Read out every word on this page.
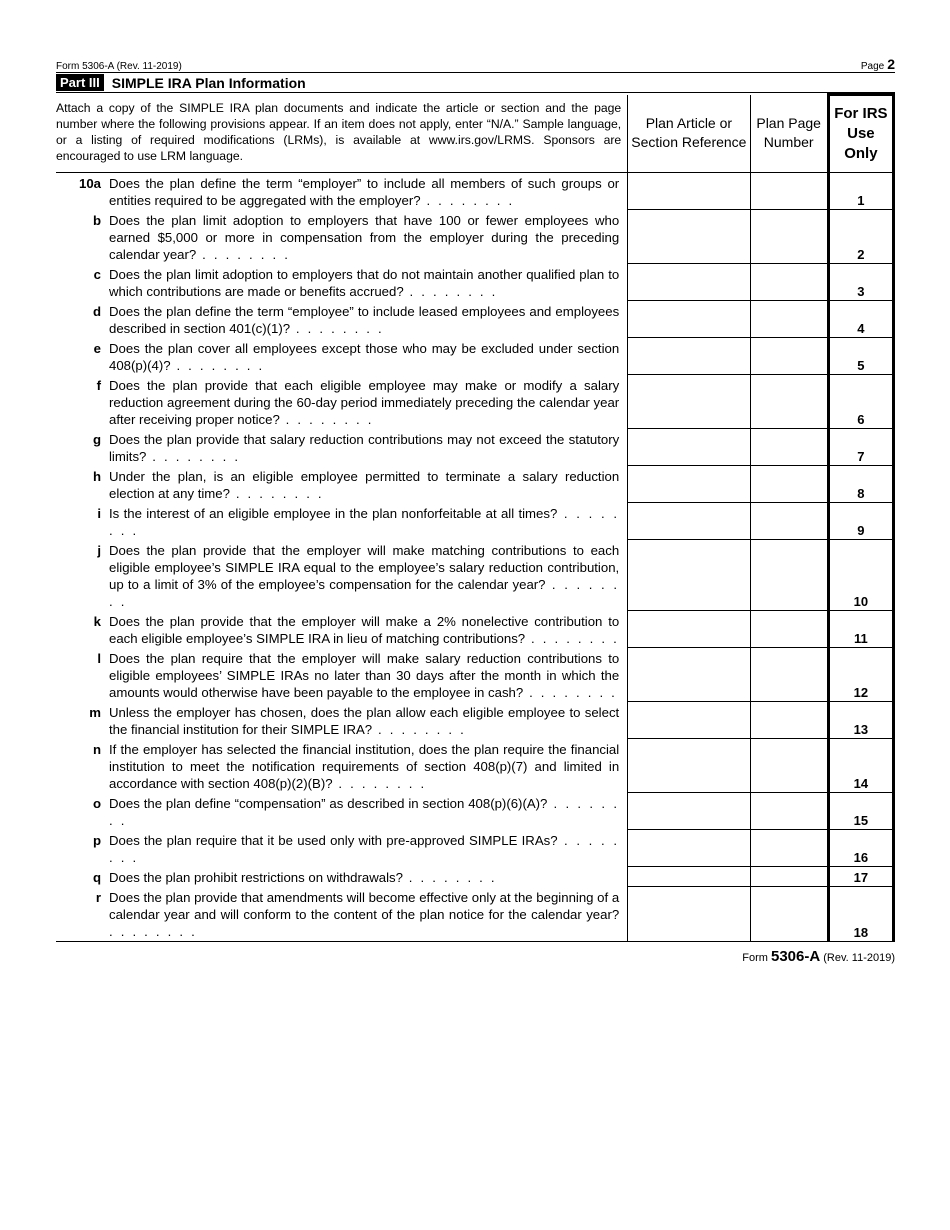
Form 5306-A (Rev. 11-2019)	Page 2
Part III SIMPLE IRA Plan Information
Attach a copy of the SIMPLE IRA plan documents and indicate the article or section and the page number where the following provisions appear. If an item does not apply, enter “N/A.” Sample language, or a listing of required modifications (LRMs), is available at www.irs.gov/LRMS. Sponsors are encouraged to use LRM language.	Plan Article or Section Reference	Plan Page Number	For IRS Use Only

10a Does the plan define the term “employer” to include all members of such groups or entities required to be aggregated with the employer? . . . . . . . .			1

b Does the plan limit adoption to employers that have 100 or fewer employees who earned $5,000 or more in compensation from the employer during the preceding calendar year? . . . . . . . .			2

c Does the plan limit adoption to employers that do not maintain another qualified plan to which contributions are made or benefits accrued? . . . . . . . .			3

d Does the plan define the term “employee” to include leased employees and employees described in section 401(c)(1)? . . . . . . . .			4

e Does the plan cover all employees except those who may be excluded under section 408(p)(4)? . . . . . . . .			5

f Does the plan provide that each eligible employee may make or modify a salary reduction agreement during the 60-day period immediately preceding the calendar year after receiving proper notice? . . . . . . . .			6

g Does the plan provide that salary reduction contributions may not exceed the statutory limits? . . . . . . . .			7

h Under the plan, is an eligible employee permitted to terminate a salary reduction election at any time? . . . . . . . .			8

i Is the interest of an eligible employee in the plan nonforfeitable at all times? . . . . . . . .			9

j Does the plan provide that the employer will make matching contributions to each eligible employee’s SIMPLE IRA equal to the employee’s salary reduction contribution, up to a limit of 3% of the employee’s compensation for the calendar year? . . . . . . . .			10

k Does the plan provide that the employer will make a 2% nonelective contribution to each eligible employee’s SIMPLE IRA in lieu of matching contributions? . . . . . . . .			11

l Does the plan require that the employer will make salary reduction contributions to eligible employees’ SIMPLE IRAs no later than 30 days after the month in which the amounts would otherwise have been payable to the employee in cash? . . . . . . . .			12

m Unless the employer has chosen, does the plan allow each eligible employee to select the financial institution for their SIMPLE IRA? . . . . . . . .			13

n If the employer has selected the financial institution, does the plan require the financial institution to meet the notification requirements of section 408(p)(7) and limited in accordance with section 408(p)(2)(B)? . . . . . . . .			14

o Does the plan define “compensation” as described in section 408(p)(6)(A)? . . . . . . . .			15

p Does the plan require that it be used only with pre-approved SIMPLE IRAs? . . . . . . . .			16

q Does the plan prohibit restrictions on withdrawals? . . . . . . . .			17

r Does the plan provide that amendments will become effective only at the beginning of a calendar year and will conform to the content of the plan notice for the calendar year? . . . . . . . .			18
Form 5306-A (Rev. 11-2019)
